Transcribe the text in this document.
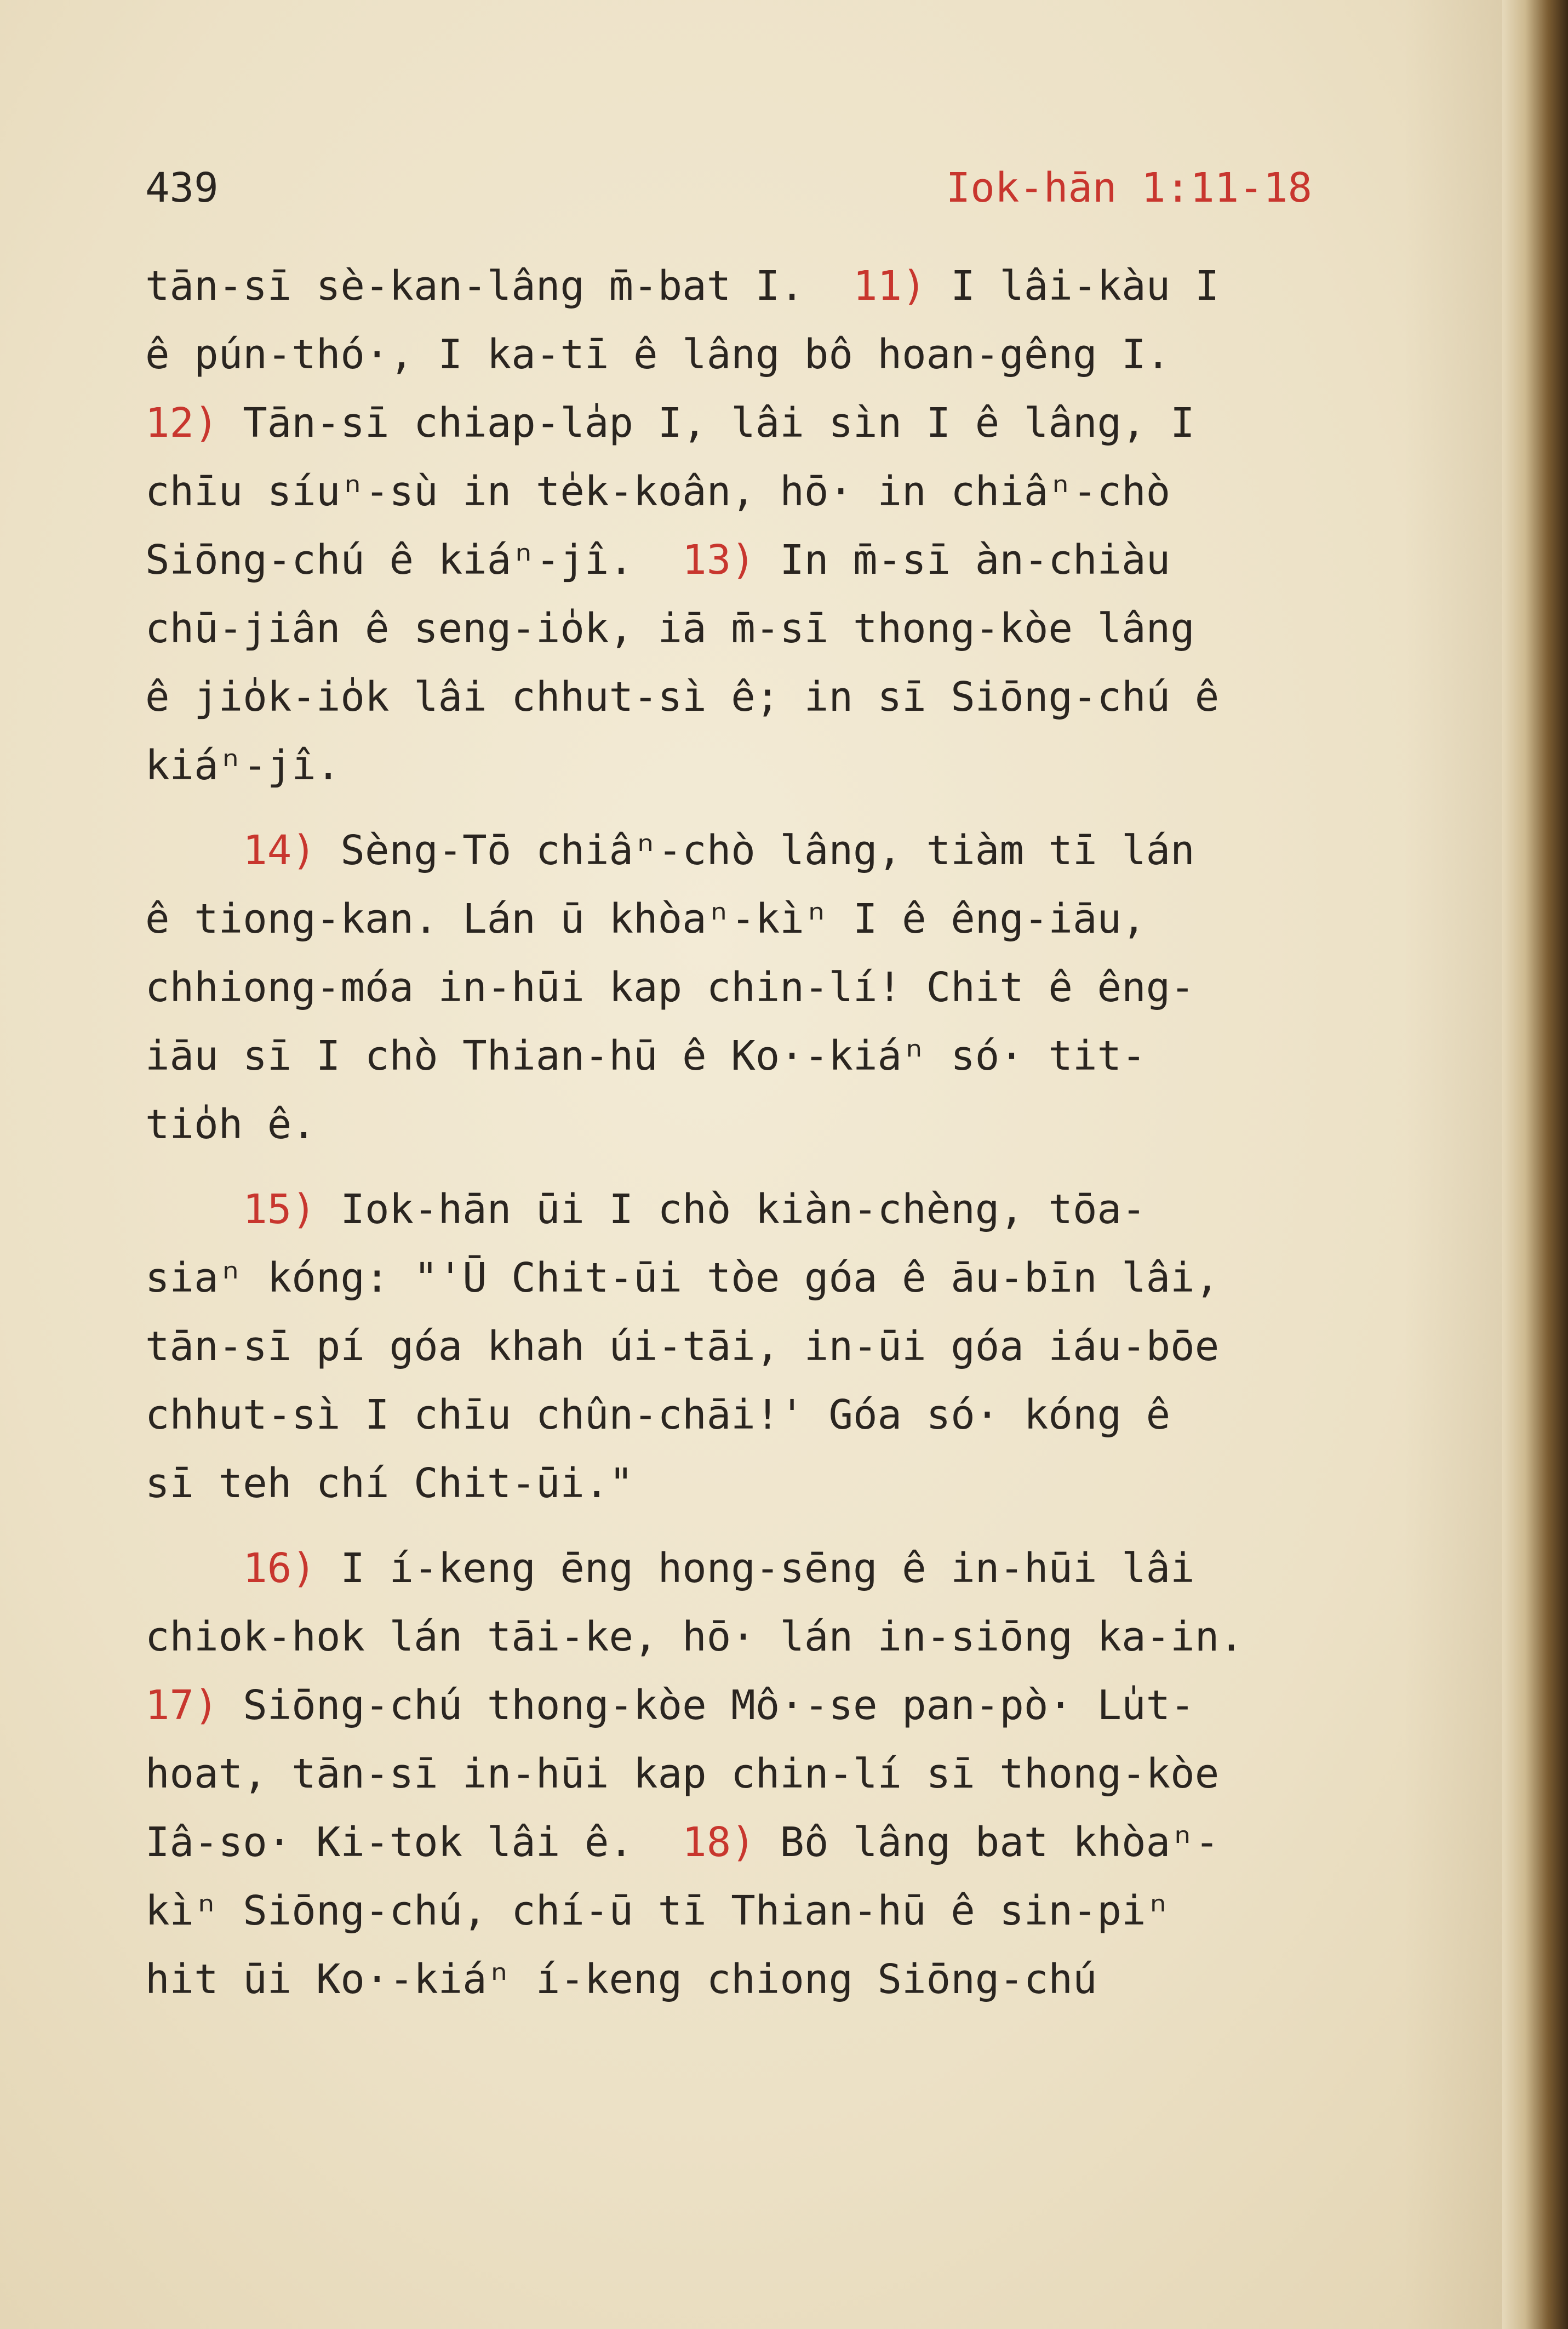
439	Iok-hān 1:11-18
tān-sī sè-kan-lâng m̄-bat I.  11) I lâi-kàu I
ê pún-thó·, I ka-tī ê lâng bô hoan-gêng I.
12) Tān-sī chiap-la̍p I, lâi sìn I ê lâng, I
chīu síuⁿ-sù in te̍k-koân, hō· in chiâⁿ-chò
Siōng-chú ê kiáⁿ-jî.  13) In m̄-sī àn-chiàu
chū-jiân ê seng-io̍k, iā m̄-sī thong-kòe lâng
ê jio̍k-io̍k lâi chhut-sì ê; in sī Siōng-chú ê
kiáⁿ-jî.
14) Sèng-Tō chiâⁿ-chò lâng, tiàm tī lán
ê tiong-kan. Lán ū khòaⁿ-kìⁿ I ê êng-iāu,
chhiong-móa in-hūi kap chin-lí! Chit ê êng-
iāu sī I chò Thian-hū ê Ko·-kiáⁿ só· tit-
tio̍h ê.
15) Iok-hān ūi I chò kiàn-chèng, tōa-
siaⁿ kóng: "'Ū Chit-ūi tòe góa ê āu-bīn lâi,
tān-sī pí góa khah úi-tāi, in-ūi góa iáu-bōe
chhut-sì I chīu chûn-chāi!' Góa só· kóng ê
sī teh chí Chit-ūi."
16) I í-keng ēng hong-sēng ê in-hūi lâi
chiok-hok lán tāi-ke, hō· lán in-siōng ka-in.
17) Siōng-chú thong-kòe Mô·-se pan-pò· Lu̍t-
hoat, tān-sī in-hūi kap chin-lí sī thong-kòe
Iâ-so· Ki-tok lâi ê.  18) Bô lâng bat khòaⁿ-
kìⁿ Siōng-chú, chí-ū tī Thian-hū ê sin-piⁿ
hit ūi Ko·-kiáⁿ í-keng chiong Siōng-chú
